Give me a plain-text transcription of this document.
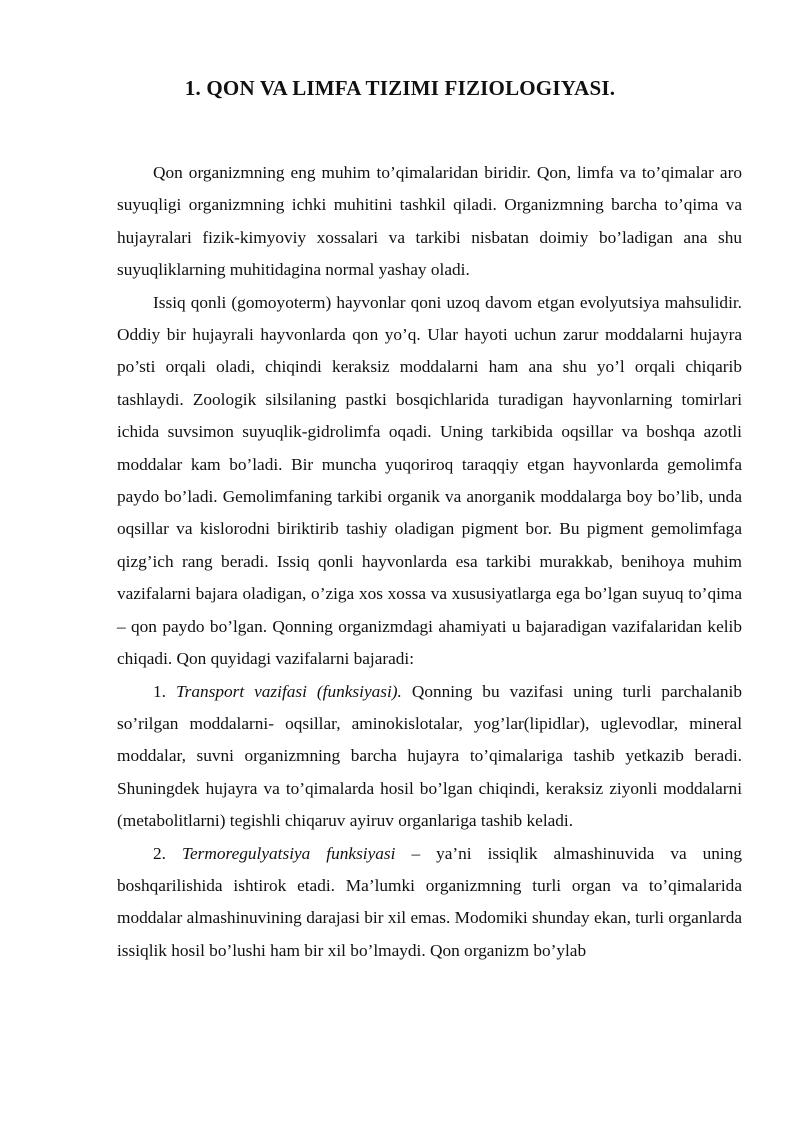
1. QON VA LIMFA TIZIMI FIZIOLOGIYASI.

Qon organizmning eng muhim to’qimalaridan biridir. Qon, limfa va to’qimalar aro suyuqligi organizmning ichki muhitini tashkil qiladi. Organizmning barcha to’qima va hujayralari fizik-kimyoviy xossalari va tarkibi nisbatan doimiy bo’ladigan ana shu suyuqliklarning muhitidagina normal yashay oladi.

Issiq qonli (gomoyoterm) hayvonlar qoni uzoq davom etgan evolyutsiya mahsulidir. Oddiy bir hujayrali hayvonlarda qon yo’q. Ular hayoti uchun zarur moddalarni hujayra po’sti orqali oladi, chiqindi keraksiz moddalarni ham ana shu yo’l orqali chiqarib tashlaydi. Zoologik silsilaning pastki bosqichlarida turadigan hayvonlarning tomirlari ichida suvsimon suyuqlik-gidrolimfa oqadi. Uning tarkibida oqsillar va boshqa azotli moddalar kam bo’ladi. Bir muncha yuqoriroq taraqqiy etgan hayvonlarda gemolimfa paydo bo’ladi. Gemolimfaning tarkibi organik va anorganik moddalarga boy bo’lib, unda oqsillar va kislorodni biriktirib tashiy oladigan pigment bor. Bu pigment gemolimfaga qizg’ich rang beradi. Issiq qonli hayvonlarda esa tarkibi murakkab, benihoya muhim vazifalarni bajara oladigan, o’ziga xos xossa va xususiyatlarga ega bo’lgan suyuq to’qima – qon paydo bo’lgan. Qonning organizmdagi ahamiyati u bajaradigan vazifalaridan kelib chiqadi. Qon quyidagi vazifalarni bajaradi:

1. Transport vazifasi (funksiyasi). Qonning bu vazifasi uning turli parchalanib so’rilgan moddalarni- oqsillar, aminokislotalar, yog’lar(lipidlar), uglevodlar, mineral moddalar, suvni organizmning barcha hujayra to’qimalariga tashib yetkazib beradi. Shuningdek hujayra va to’qimalarda hosil bo’lgan chiqindi, keraksiz ziyonli moddalarni (metabolitlarni) tegishli chiqaruv ayiruv organlariga tashib keladi.

2. Termoregulyatsiya funksiyasi – ya’ni issiqlik almashinuvida va uning boshqarilishida ishtirok etadi. Ma’lumki organizmning turli organ va to’qimalarida moddalar almashinuvining darajasi bir xil emas. Modomiki shunday ekan, turli organlarda issiqlik hosil bo’lushi ham bir xil bo’lmaydi. Qon organizm bo’ylab
